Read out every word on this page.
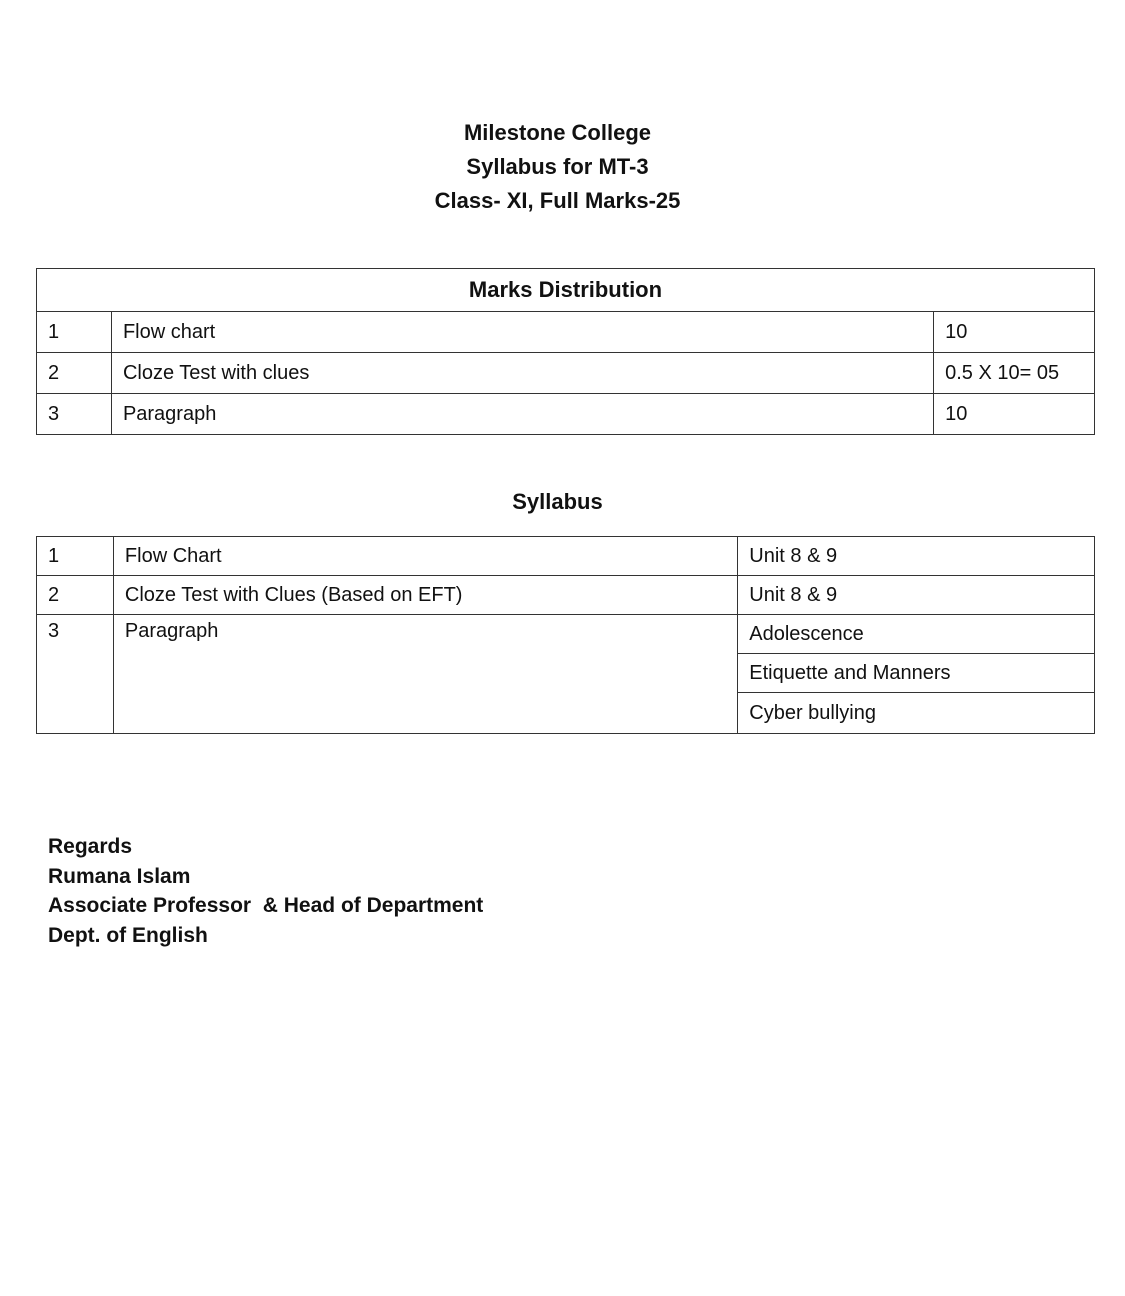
Milestone College
Syllabus for MT-3
Class- XI, Full Marks-25
Marks Distribution		
1	Flow chart	10
2	Cloze Test with clues	0.5 X 10= 05
3	Paragraph	10
Syllabus
1	Flow Chart	Unit 8 & 9
2	Cloze Test with Clues (Based on EFT)	Unit 8 & 9
3	Paragraph	Adolescence
		Etiquette and Manners
		Cyber bullying
Regards
Rumana Islam
Associate Professor  & Head of Department
Dept. of English
